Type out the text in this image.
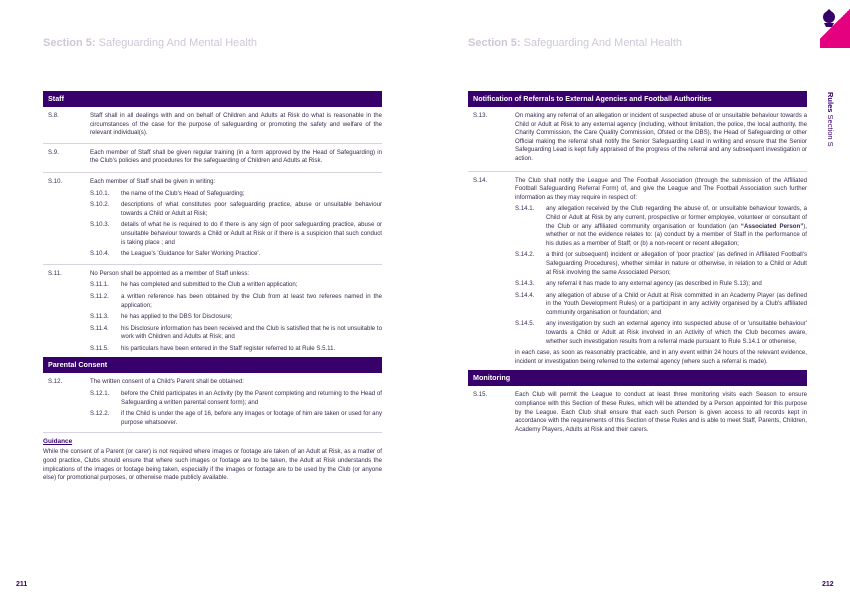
Section 5: Safeguarding And Mental Health	Section 5: Safeguarding And Mental Health
Rules Section S
Staff
S.8.	Staff shall in all dealings with and on behalf of Children and Adults at Risk do what is reasonable in the circumstances of the case for the purpose of safeguarding or promoting the safety and welfare of the relevant individual(s).
S.9.	Each member of Staff shall be given regular training (in a form approved by the Head of Safeguarding) in the Club's policies and procedures for the safeguarding of Children and Adults at Risk.
S.10.	Each member of Staff shall be given in writing:
S.10.1. the name of the Club's Head of Safeguarding;
S.10.2. descriptions of what constitutes poor safeguarding practice, abuse or unsuitable behaviour towards a Child or Adult at Risk;
S.10.3. details of what he is required to do if there is any sign of poor safeguarding practice, abuse or unsuitable behaviour towards a Child or Adult at Risk or if there is a suspicion that such conduct is taking place ; and
S.10.4. the League's 'Guidance for Safer Working Practice'.
S.11.	No Person shall be appointed as a member of Staff unless:
S.11.1. he has completed and submitted to the Club a written application;
S.11.2. a written reference has been obtained by the Club from at least two referees named in the application;
S.11.3. he has applied to the DBS for Disclosure;
S.11.4. his Disclosure information has been received and the Club is satisfied that he is not unsuitable to work with Children and Adults at Risk; and
S.11.5. his particulars have been entered in the Staff register referred to at Rule S.5.11.
Parental Consent
S.12.	The written consent of a Child's Parent shall be obtained:
S.12.1. before the Child participates in an Activity (by the Parent completing and returning to the Head of Safeguarding a written parental consent form); and
S.12.2. if the Child is under the age of 16, before any images or footage of him are taken or used for any purpose whatsoever.
Guidance
While the consent of a Parent (or carer) is not required where images or footage are taken of an Adult at Risk, as a matter of good practice, Clubs should ensure that where such images or footage are to be taken, the Adult at Risk understands the implications of the images or footage being taken, especially if the images or footage are to be used by the Club (or anyone else) for promotional purposes, or otherwise made publicly available.
Notification of Referrals to External Agencies and Football Authorities
S.13.	On making any referral of an allegation or incident of suspected abuse of or unsuitable behaviour towards a Child or Adult at Risk to any external agency (including, without limitation, the police, the local authority, the Charity Commission, the Care Quality Commission, Ofsted or the DBS), the Head of Safeguarding or other Official making the referral shall notify the Senior Safeguarding Lead in writing and ensure that the Senior Safeguarding Lead is kept fully appraised of the progress of the referral and any subsequent investigation or action.
S.14.	The Club shall notify the League and The Football Association (through the submission of the Affiliated Football Safeguarding Referral Form) of, and give the League and The Football Association such further information as they may require in respect of:
S.14.1. any allegation received by the Club regarding the abuse of, or unsuitable behaviour towards, a Child or Adult at Risk by any current, prospective or former employee, volunteer or consultant of the Club or any affiliated community organisation or foundation (an “Associated Person”), whether or not the evidence relates to: (a) conduct by a member of Staff in the performance of his duties as a member of Staff; or (b) a non-recent or recent allegation;
S.14.2. a third (or subsequent) incident or allegation of 'poor practice' (as defined in Affiliated Football's Safeguarding Procedures), whether similar in nature or otherwise, in relation to a Child or Adult at Risk involving the same Associated Person;
S.14.3. any referral it has made to any external agency (as described in Rule S.13); and
S.14.4. any allegation of abuse of a Child or Adult at Risk committed in an Academy Player (as defined in the Youth Development Rules) or a participant in any activity organised by a Club's affiliated community organisation or foundation; and
S.14.5. any investigation by such an external agency into suspected abuse of or 'unsuitable behaviour' towards a Child or Adult at Risk involved in an Activity of which the Club becomes aware, whether such investigation results from a referral made pursuant to Rule S.14.1 or otherwise,
in each case, as soon as reasonably practicable, and in any event within 24 hours of the relevant evidence, incident or investigation being referred to the external agency (where such a referral is made).
Monitoring
S.15.	Each Club will permit the League to conduct at least three monitoring visits each Season to ensure compliance with this Section of these Rules, which will be attended by a Person appointed for this purpose by the League. Each Club shall ensure that each such Person is given access to all records kept in accordance with the requirements of this Section of these Rules and is able to meet Staff, Parents, Children, Academy Players, Adults at Risk and their carers.
211	212
